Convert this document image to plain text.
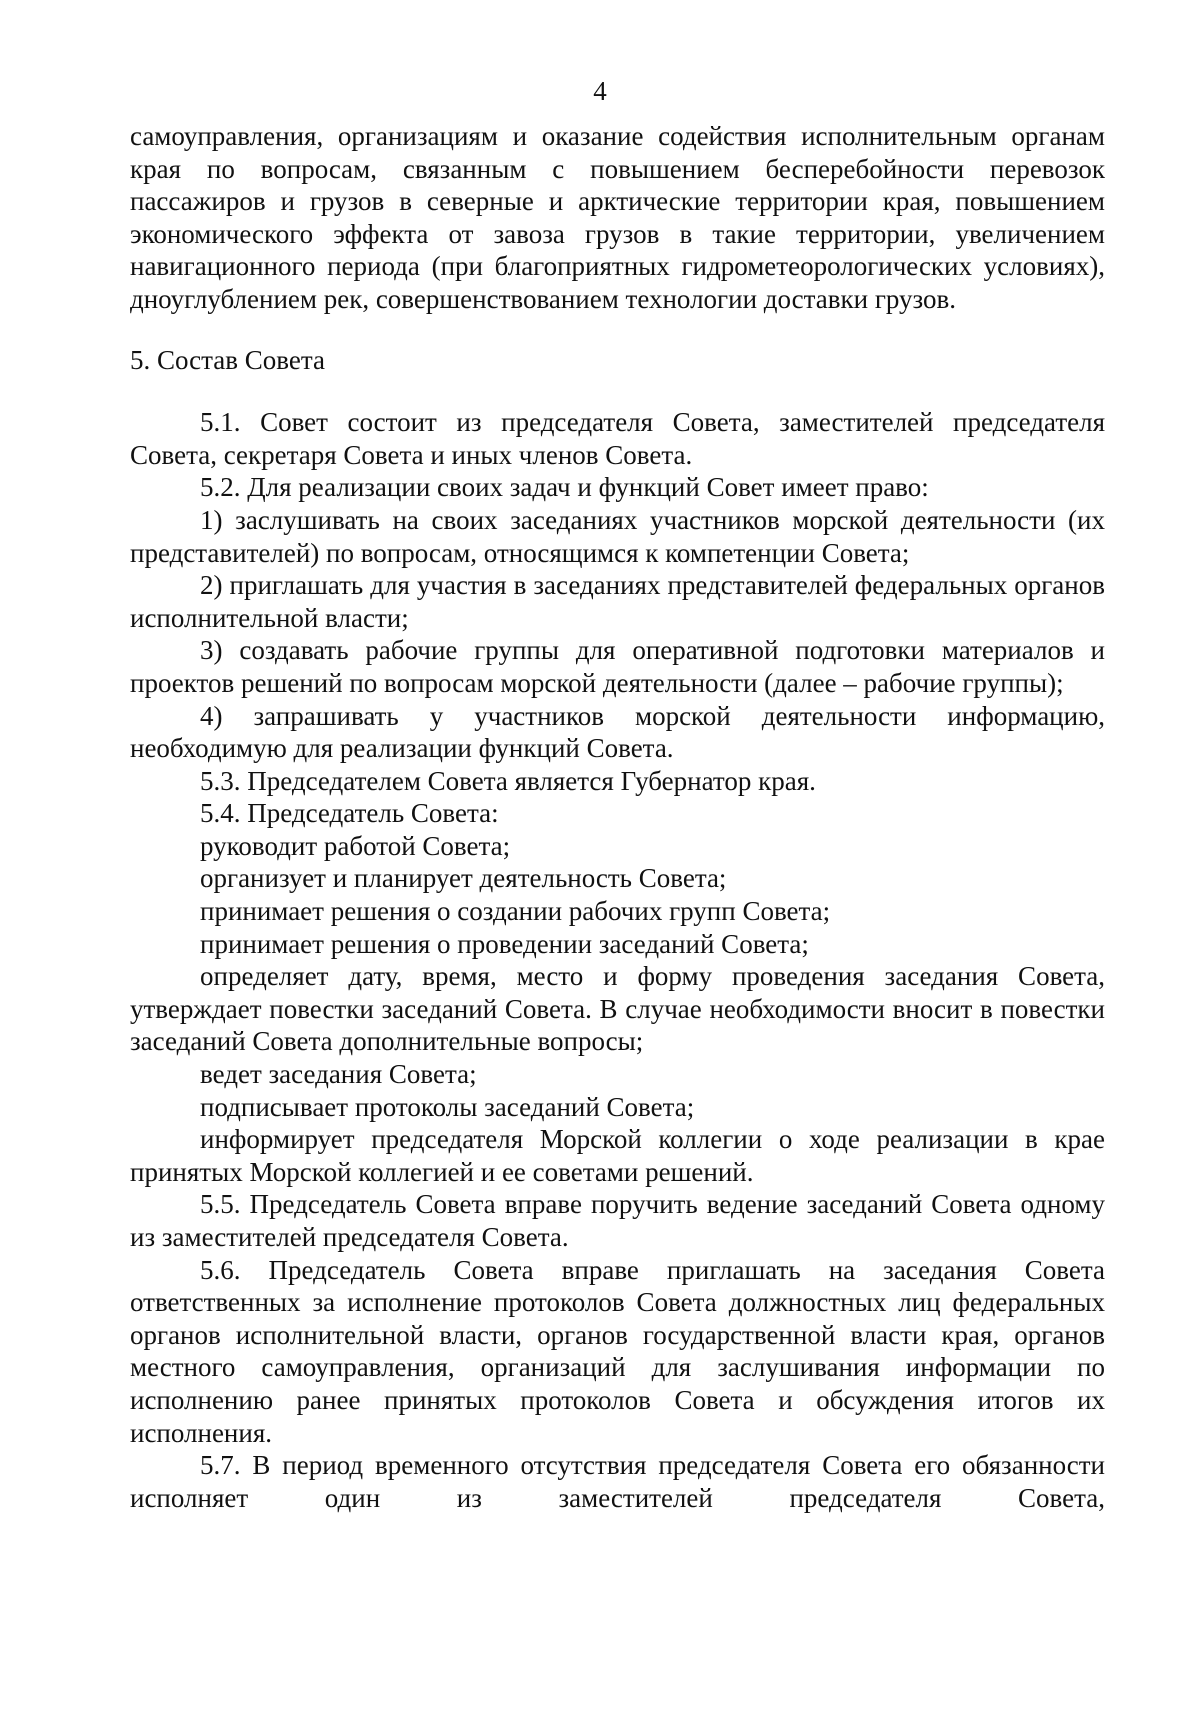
4

самоуправления, организациям и оказание содействия исполнительным органам края по вопросам, связанным с повышением бесперебойности перевозок пассажиров и грузов в северные и арктические территории края, повышением экономического эффекта от завоза грузов в такие территории, увеличением навигационного периода (при благоприятных гидрометеорологических условиях), дноуглублением рек, совершенствованием технологии доставки грузов.

5. Состав Совета

5.1. Совет состоит из председателя Совета, заместителей председателя Совета, секретаря Совета и иных членов Совета.

5.2. Для реализации своих задач и функций Совет имеет право:

1) заслушивать на своих заседаниях участников морской деятельности (их представителей) по вопросам, относящимся к компетенции Совета;

2) приглашать для участия в заседаниях представителей федеральных органов исполнительной власти;

3) создавать рабочие группы для оперативной подготовки материалов и проектов решений по вопросам морской деятельности (далее – рабочие группы);

4) запрашивать у участников морской деятельности информацию, необходимую для реализации функций Совета.

5.3. Председателем Совета является Губернатор края.

5.4. Председатель Совета:

руководит работой Совета;

организует и планирует деятельность Совета;

принимает решения о создании рабочих групп Совета;

принимает решения о проведении заседаний Совета;

определяет дату, время, место и форму проведения заседания Совета, утверждает повестки заседаний Совета. В случае необходимости вносит в повестки заседаний Совета дополнительные вопросы;

ведет заседания Совета;

подписывает протоколы заседаний Совета;

информирует председателя Морской коллегии о ходе реализации в крае принятых Морской коллегией и ее советами решений.

5.5. Председатель Совета вправе поручить ведение заседаний Совета одному из заместителей председателя Совета.

5.6. Председатель Совета вправе приглашать на заседания Совета ответственных за исполнение протоколов Совета должностных лиц федеральных органов исполнительной власти, органов государственной власти края, органов местного самоуправления, организаций для заслушивания информации по исполнению ранее принятых протоколов Совета и обсуждения итогов их исполнения.

5.7. В период временного отсутствия председателя Совета его обязанности исполняет один из заместителей председателя Совета,
